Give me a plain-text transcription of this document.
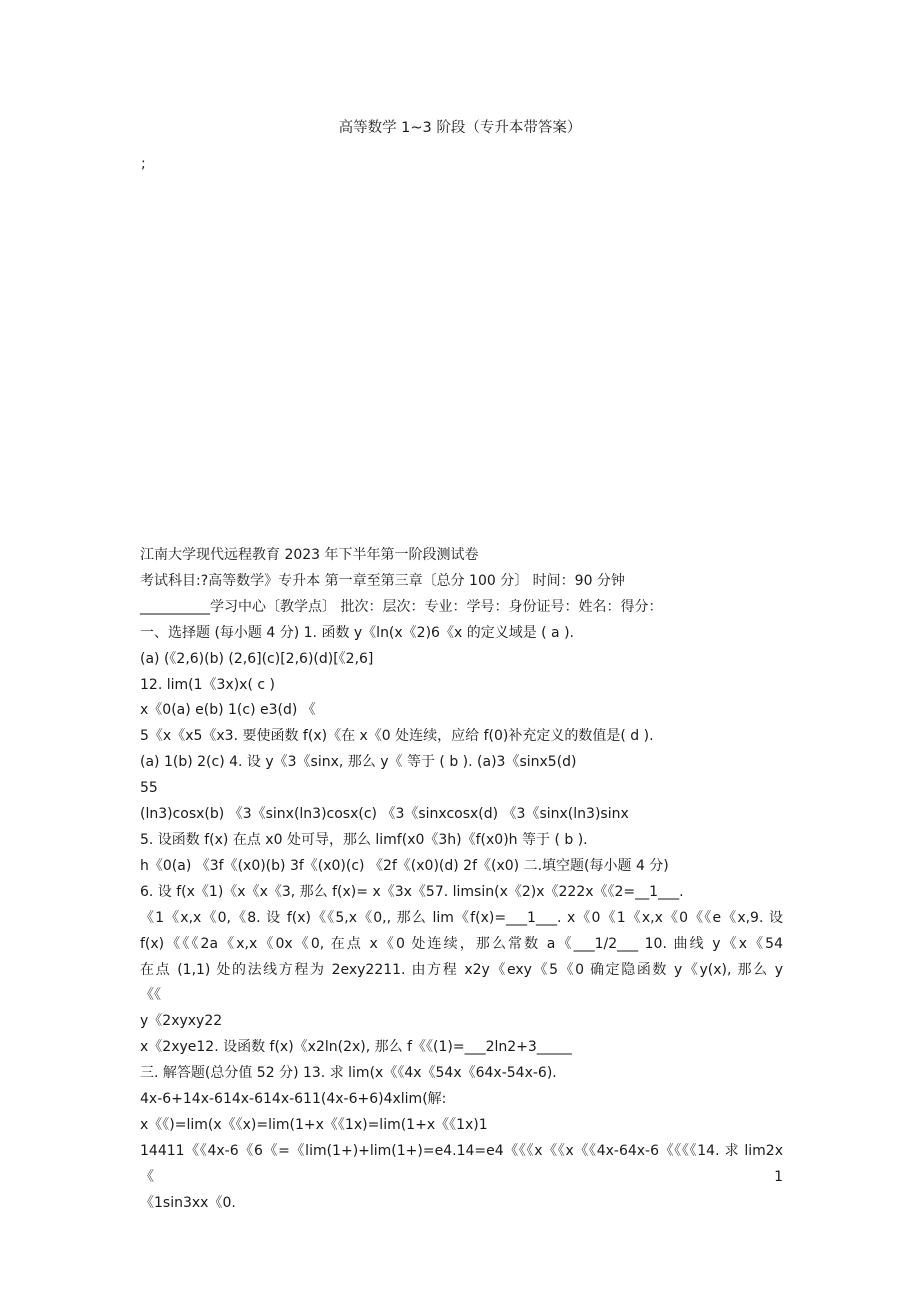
高等数学 1~3 阶段（专升本带答案）
;

江南大学现代远程教育 2023 年下半年第一阶段测试卷

考试科目:?高等数学》专升本 第一章至第三章〔总分 100 分〕 时间：90 分钟

__________学习中心〔教学点〕 批次：层次：专业：学号：身份证号：姓名：得分：

一、选择题 (每小题 4 分) 1. 函数 y《ln(x《2)6《x 的定义域是 ( a ).

(a) (《2,6)(b) (2,6](c)[2,6)(d)[《2,6]

12. lim(1《3x)x( c )

x《0(a) e(b) 1(c) e3(d) 《

5《x《x5《x3. 要使函数 f(x)《在 x《0 处连续，应给 f(0)补充定义的数值是( d ).

(a) 1(b) 2(c) 4. 设 y《3《sinx, 那么 y《 等于 ( b ). (a)3《sinx5(d)

55

(ln3)cosx(b) 《3《sinx(ln3)cosx(c) 《3《sinxcosx(d) 《3《sinx(ln3)sinx

5. 设函数 f(x) 在点 x0 处可导，那么 limf(x0《3h)《f(x0)h 等于 ( b ).

h《0(a) 《3f《(x0)(b) 3f《(x0)(c) 《2f《(x0)(d) 2f《(x0) 二.填空题(每小题 4 分)

6. 设 f(x《1)《x《x《3, 那么 f(x)= x《3x《57. limsin(x《2)x《222x《《2=__1___.

《1《x,x《0,《8. 设 f(x)《《5,x《0,, 那么 lim《f(x)=___1___. x《0《1《x,x《0《《e《x,9. 设

f(x)《《《2a《x,x《0x《0, 在点 x《0 处连续，那么常数 a《___1/2___ 10. 曲线 y《x《54

在点 (1,1) 处的法线方程为 2exy2211. 由方程 x2y《exy《5《0 确定隐函数 y《y(x), 那么 y

《《

y《2xyxy22

x《2xye12. 设函数 f(x)《x2ln(2x), 那么 f《《(1)=___2ln2+3_____

三. 解答题(总分值 52 分) 13. 求 lim(x《《4x《54x《64x-54x-6).

4x-6+14x-614x-614x-611(4x-6+6)4xlim(解:

x《《)=lim(x《《x)=lim(1+x《《1x)=lim(1+x《《1x)1

14411《《4x-6《6《=《lim(1+)+lim(1+)=e4.14=e4《《《x《《x《《4x-64x-6《《《《14. 求 lim2x《1

《1sin3xx《0.
